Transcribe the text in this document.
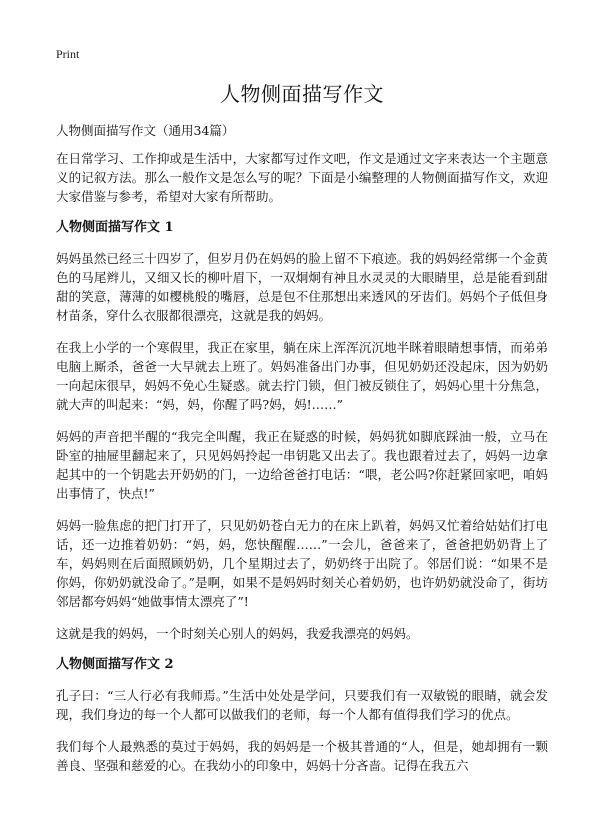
Print
人物侧面描写作文

人物侧面描写作文（通用34篇）

在日常学习、工作抑或是生活中，大家都写过作文吧，作文是通过文字来表达一个主题意义的记叙方法。那么一般作文是怎么写的呢？下面是小编整理的人物侧面描写作文，欢迎大家借鉴与参考，希望对大家有所帮助。

人物侧面描写作文 1

妈妈虽然已经三十四岁了，但岁月仍在妈妈的脸上留不下痕迹。我的妈妈经常绑一个金黄色的马尾辫儿，又细又长的柳叶眉下，一双炯炯有神且水灵灵的大眼睛里，总是能看到甜甜的笑意，薄薄的如樱桃般的嘴唇，总是包不住那想出来透风的牙齿们。妈妈个子低但身材苗条，穿什么衣服都很漂亮，这就是我的妈妈。

在我上小学的一个寒假里，我正在家里，躺在床上浑浑沉沉地半眯着眼睛想事情，而弟弟电脑上厮杀，爸爸一大早就去上班了。妈妈准备出门办事，但见奶奶还没起床，因为奶奶一向起床很早，妈妈不免心生疑惑。就去拧门锁，但门被反锁住了，妈妈心里十分焦急，就大声的叫起来：“妈，妈，你醒了吗?妈，妈!……”

妈妈的声音把半醒的“我完全叫醒，我正在疑惑的时候，妈妈犹如脚底踩油一般，立马在卧室的抽屉里翻起来了，只见妈妈拎起一串钥匙又出去了。我也跟着过去了，妈妈一边拿起其中的一个钥匙去开奶奶的门，一边给爸爸打电话：“喂，老公吗?你赶紧回家吧，咱妈出事情了，快点!”

妈妈一脸焦虑的把门打开了，只见奶奶苍白无力的在床上趴着，妈妈又忙着给姑姑们打电话，还一边推着奶奶：“妈，妈，您快醒醒……”一会儿，爸爸来了，爸爸把奶奶背上了车，妈妈则在后面照顾奶奶，几个星期过去了，奶奶终于出院了。邻居们说：“如果不是你妈，你奶奶就没命了。”是啊，如果不是妈妈时刻关心着奶奶，也许奶奶就没命了，街坊邻居都夸妈妈“她做事情太漂亮了”!

这就是我的妈妈，一个时刻关心别人的妈妈，我爱我漂亮的妈妈。

人物侧面描写作文 2

孔子曰：“三人行必有我师焉。”生活中处处是学问，只要我们有一双敏锐的眼睛，就会发现，我们身边的每一个人都可以做我们的老师，每一个人都有值得我们学习的优点。

我们每个人最熟悉的莫过于妈妈，我的妈妈是一个极其普通的“人，但是，她却拥有一颗善良、坚强和慈爱的心。在我幼小的印象中，妈妈十分吝啬。记得在我五六
